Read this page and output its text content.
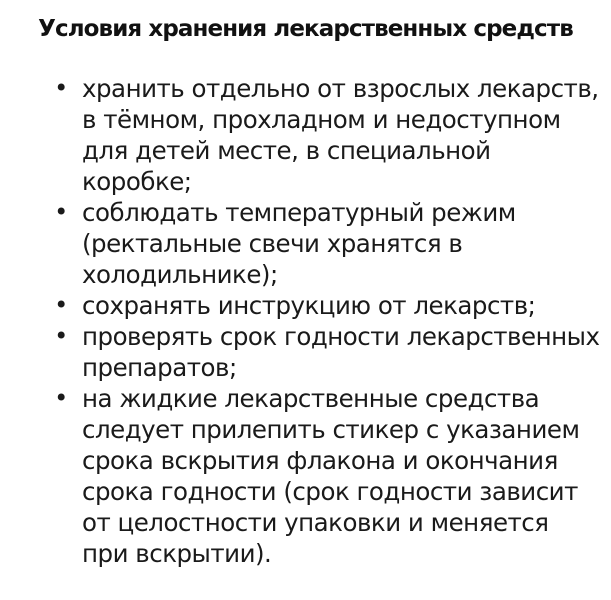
Условия хранения лекарственных средств
• хранить отдельно от взрослых лекарств,
в тёмном, прохладном и недоступном
для детей месте, в специальной
коробке;
• соблюдать температурный режим
(ректальные свечи хранятся в
холодильнике);
• сохранять инструкцию от лекарств;
• проверять срок годности лекарственных
препаратов;
• на жидкие лекарственные средства
следует прилепить стикер с указанием
срока вскрытия флакона и окончания
срока годности (срок годности зависит
от целостности упаковки и меняется
при вскрытии).
